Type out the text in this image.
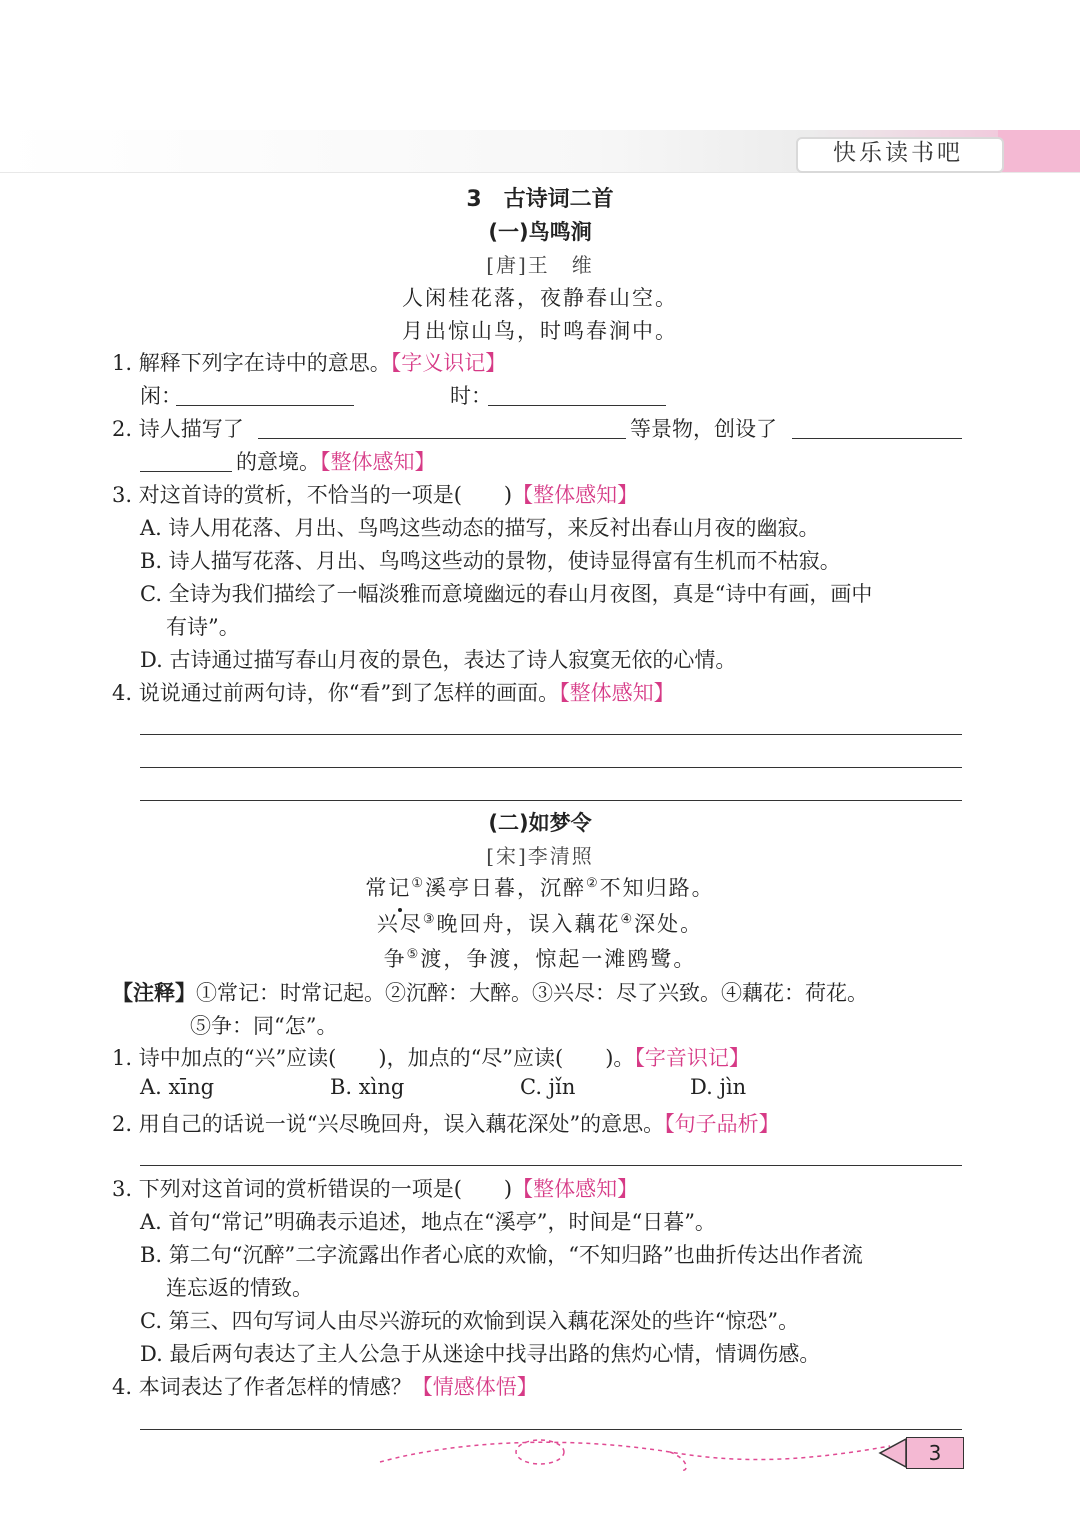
快乐读书吧
3　古诗词二首
(一)鸟鸣涧
[唐]王　维
人闲桂花落，夜静春山空。
月出惊山鸟，时鸣春涧中。
1. 解释下列字在诗中的意思。【字义识记】
闲：	时：
2. 诗人描写了	等景物，创设了
的意境。【整体感知】
3. 对这首诗的赏析，不恰当的一项是(　　)【整体感知】
A. 诗人用花落、月出、鸟鸣这些动态的描写，来反衬出春山月夜的幽寂。
B. 诗人描写花落、月出、鸟鸣这些动的景物，使诗显得富有生机而不枯寂。
C. 全诗为我们描绘了一幅淡雅而意境幽远的春山月夜图，真是“诗中有画，画中
有诗”。
D. 古诗通过描写春山月夜的景色，表达了诗人寂寞无依的心情。
4. 说说通过前两句诗，你“看”到了怎样的画面。【整体感知】
(二)如梦令
[宋]李清照
常记①溪亭日暮，沉醉②不知归路。
兴尽③晚回舟，误入藕花④深处。
争⑤渡，争渡，惊起一滩鸥鹭。
【注释】①常记：时常记起。②沉醉：大醉。③兴尽：尽了兴致。④藕花：荷花。
⑤争：同“怎”。
1. 诗中加点的“兴”应读(　　)，加点的“尽”应读(　　)。【字音识记】
A. xīng	B. xìng	C. jǐn	D. jìn
2. 用自己的话说一说“兴尽晚回舟，误入藕花深处”的意思。【句子品析】
3. 下列对这首词的赏析错误的一项是(　　)【整体感知】
A. 首句“常记”明确表示追述，地点在“溪亭”，时间是“日暮”。
B. 第二句“沉醉”二字流露出作者心底的欢愉，“不知归路”也曲折传达出作者流
连忘返的情致。
C. 第三、四句写词人由尽兴游玩的欢愉到误入藕花深处的些许“惊恐”。
D. 最后两句表达了主人公急于从迷途中找寻出路的焦灼心情，情调伤感。
4. 本词表达了作者怎样的情感？【情感体悟】
3
